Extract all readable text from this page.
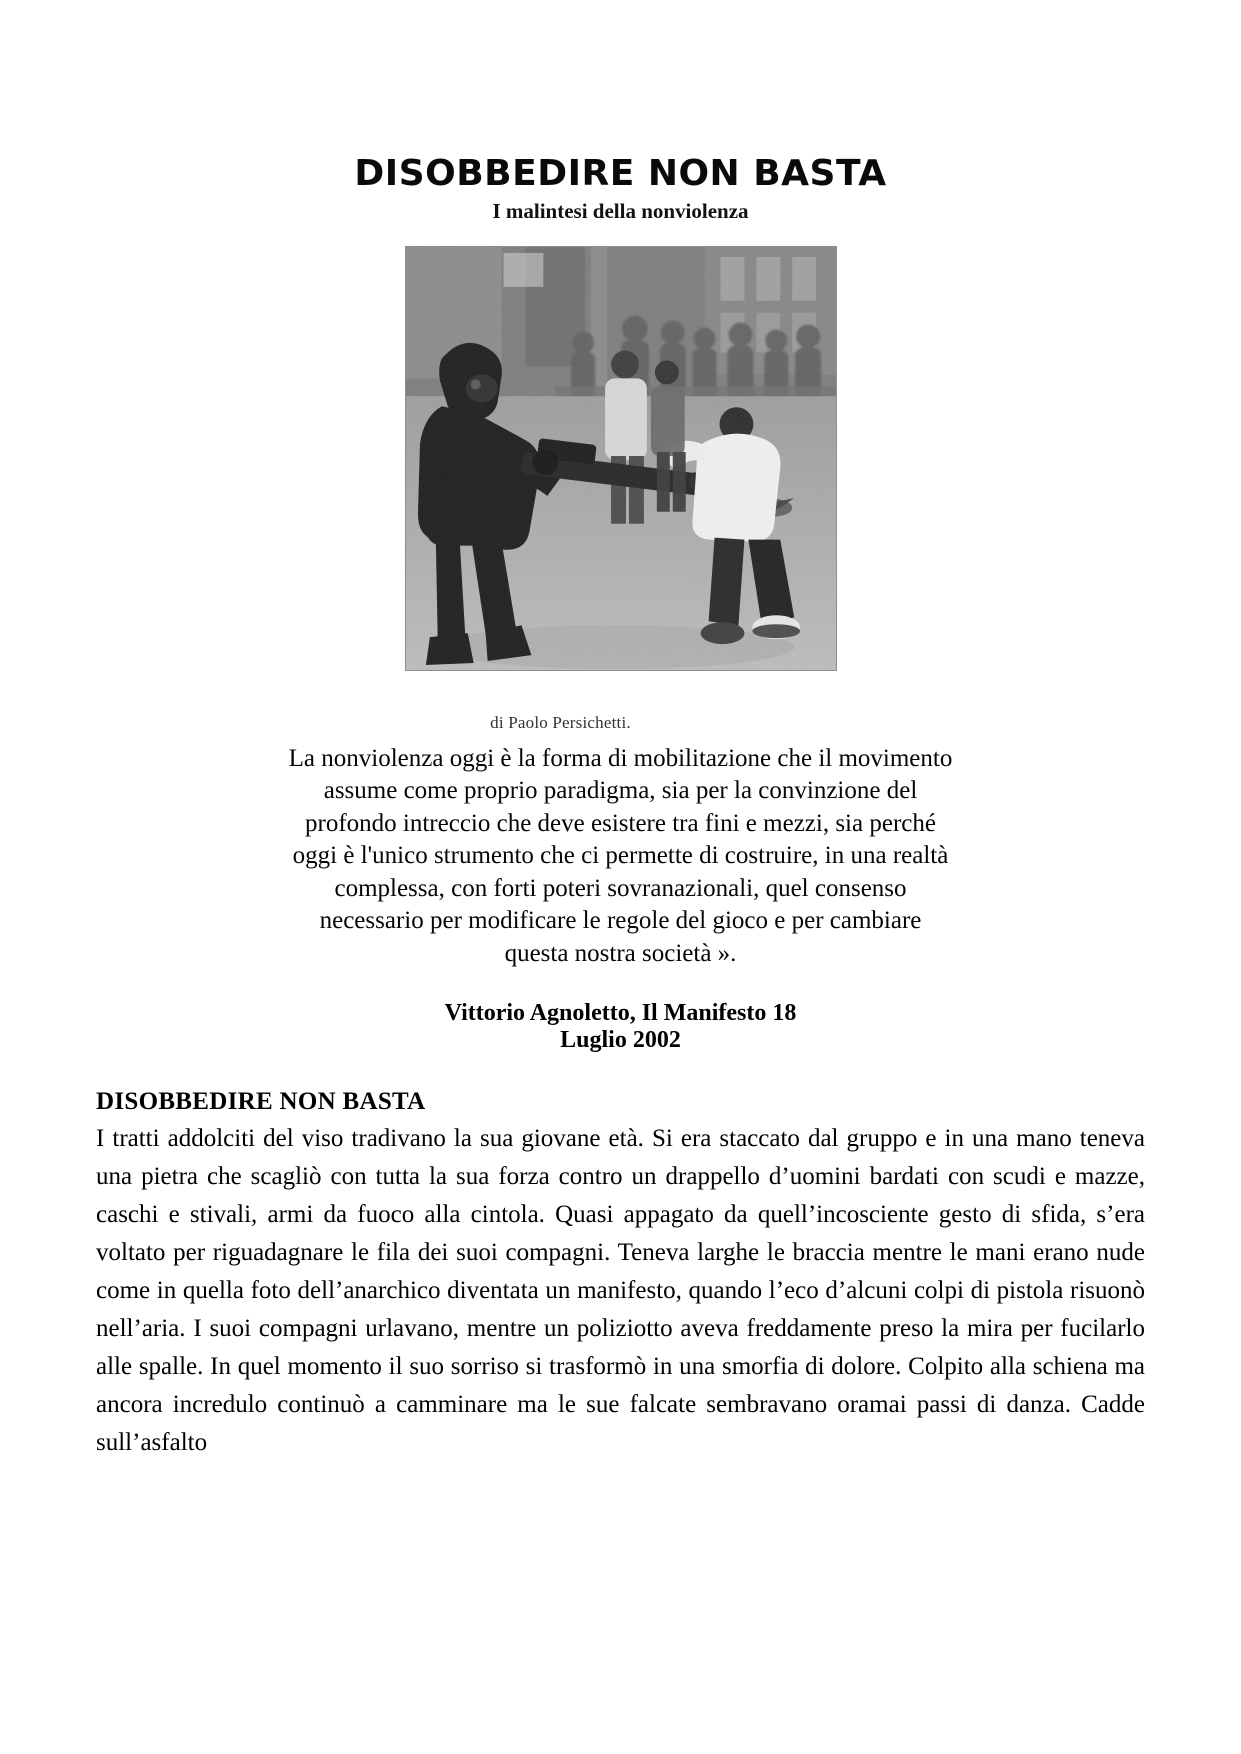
DISOBBEDIRE NON BASTA
I malintesi della nonviolenza
di Paolo Persichetti.
La nonviolenza oggi è la forma di mobilitazione che il movimento
assume come proprio paradigma, sia per la convinzione del
profondo intreccio che deve esistere tra fini e mezzi, sia perché
oggi è l'unico strumento che ci permette di costruire, in una realtà
complessa, con forti poteri sovranazionali, quel consenso
necessario per modificare le regole del gioco e per cambiare
questa nostra società ».
Vittorio Agnoletto, Il Manifesto 18
Luglio 2002
DISOBBEDIRE NON BASTA

I tratti addolciti del viso tradivano la sua giovane età. Si era staccato dal gruppo e in una mano teneva una pietra che scagliò con tutta la sua forza contro un drappello d’uomini bardati con scudi e mazze, caschi e stivali, armi da fuoco alla cintola. Quasi appagato da quell’incosciente gesto di sfida, s’era voltato per riguadagnare le fila dei suoi compagni. Teneva larghe le braccia mentre le mani erano nude come in quella foto dell’anarchico diventata un manifesto, quando l’eco d’alcuni colpi di pistola risuonò nell’aria. I suoi compagni urlavano, mentre un poliziotto aveva freddamente preso la mira per fucilarlo alle spalle. In quel momento il suo sorriso si trasformò in una smorfia di dolore. Colpito alla schiena ma ancora incredulo continuò a camminare ma le sue falcate sembravano oramai passi di danza. Cadde sull’asfalto
